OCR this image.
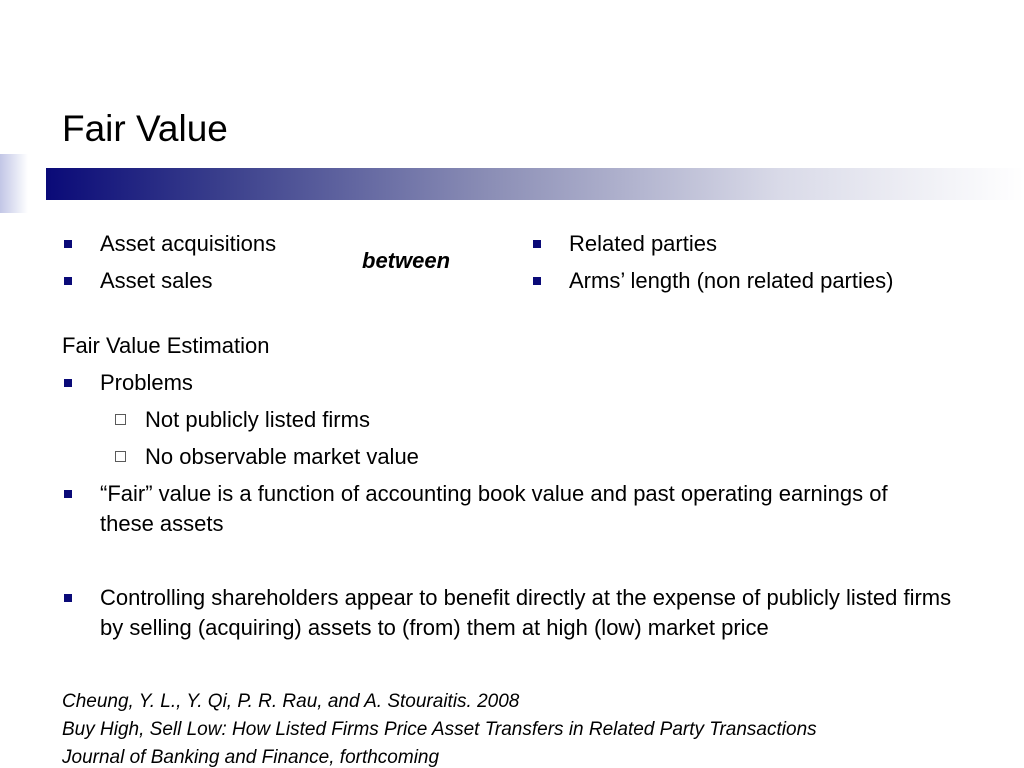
Fair Value
Asset acquisitions
Asset sales
between
Related parties
Arms’ length (non related parties)
Fair Value Estimation
Problems
Not publicly listed firms
No observable market value
“Fair” value is a function of accounting book value and past operating earnings of these assets
Controlling shareholders appear to benefit directly at the expense of publicly listed firms by selling (acquiring) assets to (from) them at high (low) market price
Cheung, Y. L., Y. Qi, P. R. Rau, and A. Stouraitis. 2008
Buy High, Sell Low: How Listed Firms Price Asset Transfers in Related Party Transactions
Journal of Banking and Finance, forthcoming
